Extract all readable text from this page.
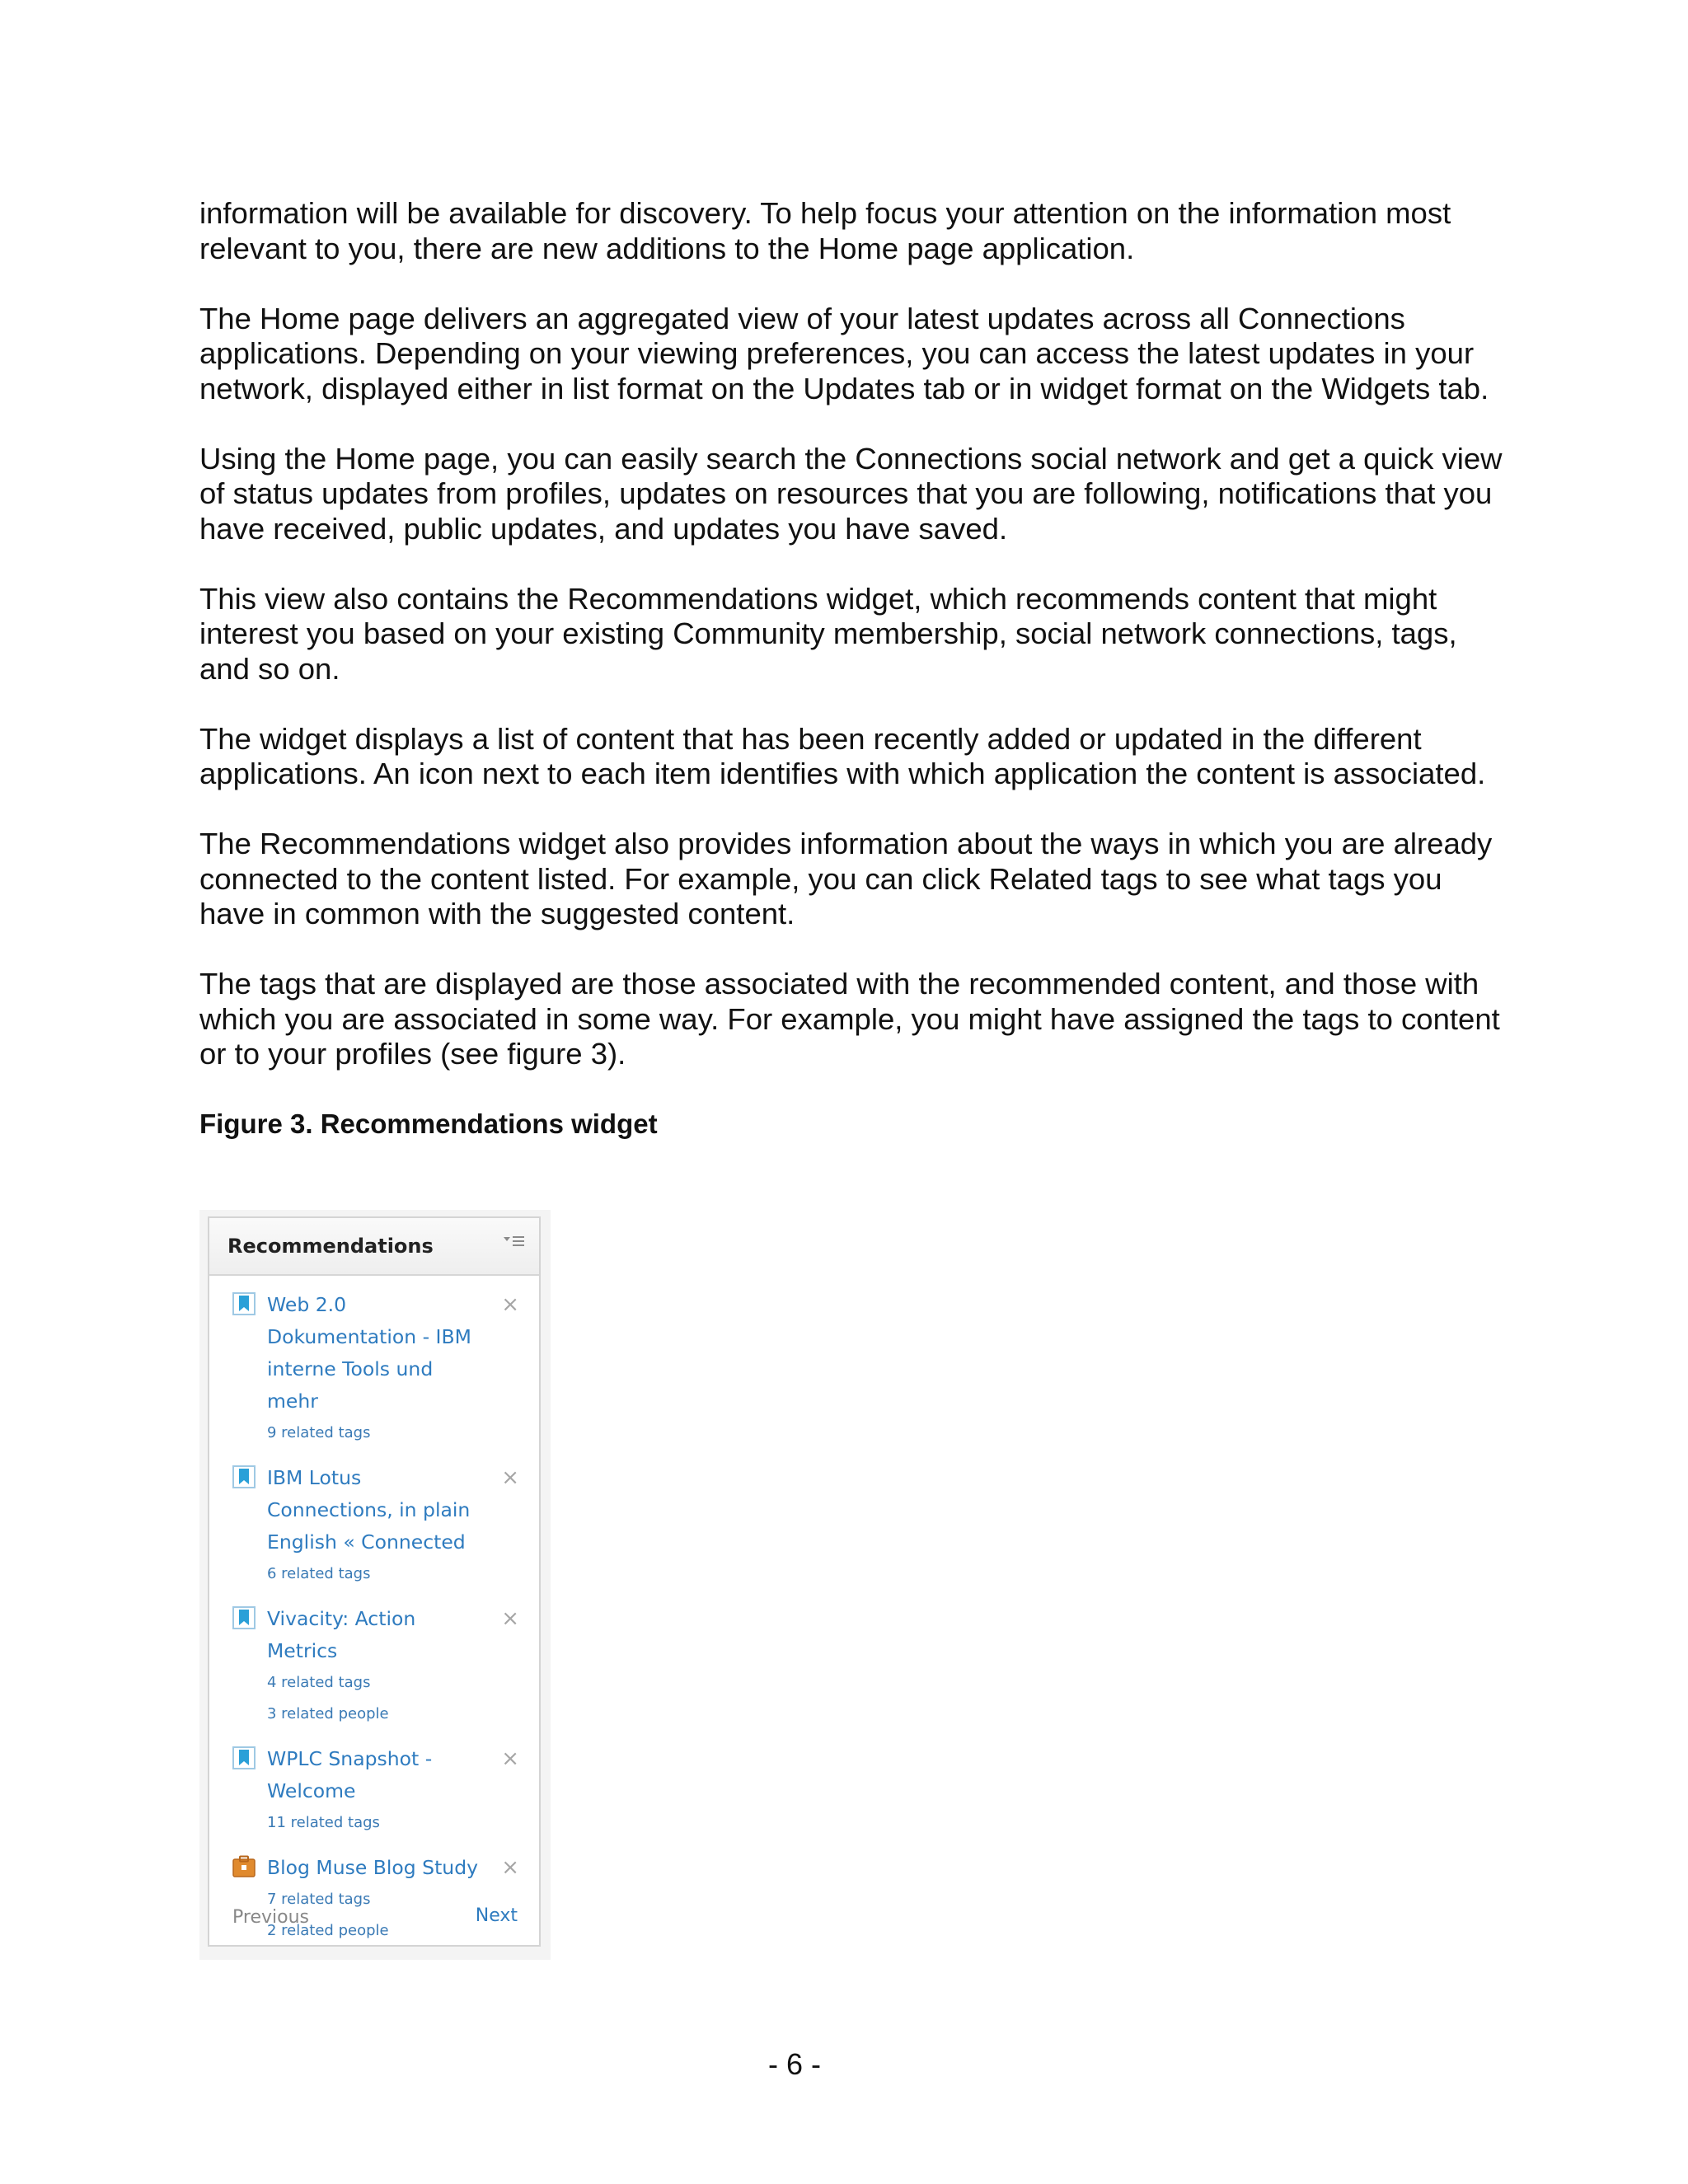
information will be available for discovery. To help focus your attention on the information most relevant to you, there are new additions to the Home page application.

The Home page delivers an aggregated view of your latest updates across all Connections applications. Depending on your viewing preferences, you can access the latest updates in your network, displayed either in list format on the Updates tab or in widget format on the Widgets tab.

Using the Home page, you can easily search the Connections social network and get a quick view of status updates from profiles, updates on resources that you are following, notifications that you have received, public updates, and updates you have saved.

This view also contains the Recommendations widget, which recommends content that might interest you based on your existing Community membership, social network connections, tags, and so on.

The widget displays a list of content that has been recently added or updated in the different applications. An icon next to each item identifies with which application the content is associated.

The Recommendations widget also provides information about the ways in which you are already connected to the content listed. For example, you can click Related tags to see what tags you have in common with the suggested content.

The tags that are displayed are those associated with the recommended content, and those with which you are associated in some way. For example, you might have assigned the tags to content or to your profiles (see figure 3).

Figure 3. Recommendations widget
Recommendations
×
Web 2.0 Dokumentation - IBM interne Tools und mehr
9 related tags
×
IBM Lotus Connections, in plain English « Connected
6 related tags
×
Vivacity: Action Metrics
4 related tags
3 related people
×
WPLC Snapshot - Welcome
11 related tags
×
Blog Muse Blog Study
7 related tags
2 related people
Previous	Next
- 6 -
